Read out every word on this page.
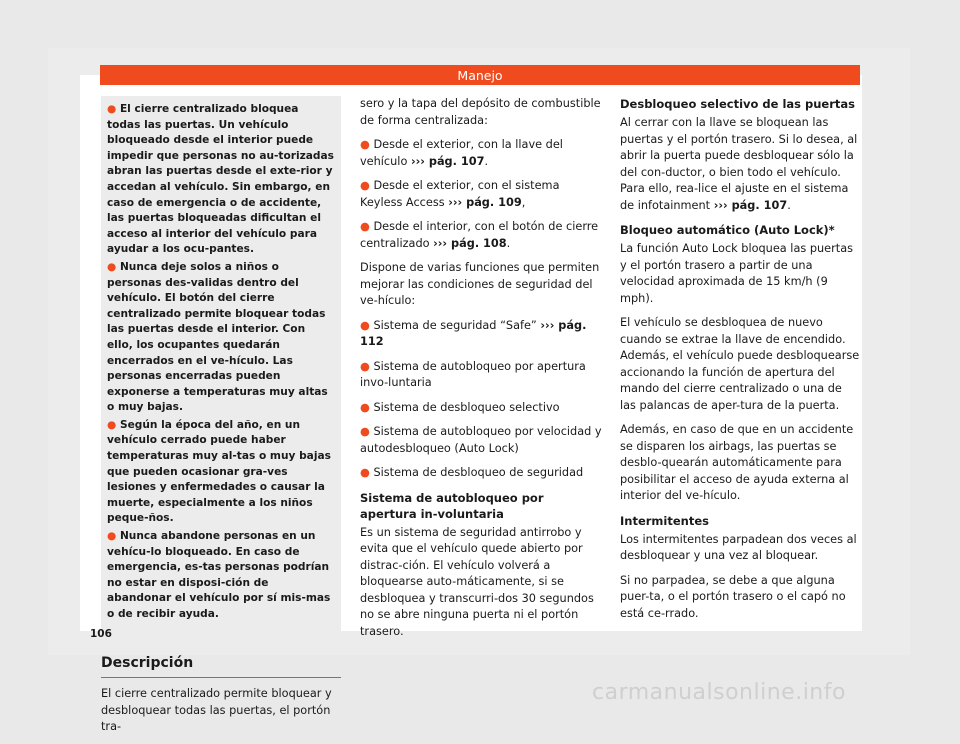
Manejo

● El cierre centralizado bloquea todas las puertas. Un vehículo bloqueado desde el interior puede impedir que personas no au-torizadas abran las puertas desde el exte-rior y accedan al vehículo. Sin embargo, en caso de emergencia o de accidente, las puertas bloqueadas dificultan el acceso al interior del vehículo para ayudar a los ocu-pantes.

● Nunca deje solos a niños o personas des-validas dentro del vehículo. El botón del cierre centralizado permite bloquear todas las puertas desde el interior. Con ello, los ocupantes quedarán encerrados en el ve-hículo. Las personas encerradas pueden exponerse a temperaturas muy altas o muy bajas.

● Según la época del año, en un vehículo cerrado puede haber temperaturas muy al-tas o muy bajas que pueden ocasionar gra-ves lesiones y enfermedades o causar la muerte, especialmente a los niños peque-ños.

● Nunca abandone personas en un vehícu-lo bloqueado. En caso de emergencia, es-tas personas podrían no estar en disposi-ción de abandonar el vehículo por sí mis-mas o de recibir ayuda.

Descripción

El cierre centralizado permite bloquear y desbloquear todas las puertas, el portón tra-

sero y la tapa del depósito de combustible de forma centralizada:

● Desde el exterior, con la llave del vehículo ››› pág. 107.

● Desde el exterior, con el sistema Keyless Access ››› pág. 109,

● Desde el interior, con el botón de cierre centralizado ››› pág. 108.

Dispone de varias funciones que permiten mejorar las condiciones de seguridad del ve-hículo:

● Sistema de seguridad “Safe” ››› pág. 112

● Sistema de autobloqueo por apertura invo-luntaria

● Sistema de desbloqueo selectivo

● Sistema de autobloqueo por velocidad y autodesbloqueo (Auto Lock)

● Sistema de desbloqueo de seguridad

Sistema de autobloqueo por apertura in-voluntaria

Es un sistema de seguridad antirrobo y evita que el vehículo quede abierto por distrac-ción. El vehículo volverá a bloquearse auto-máticamente, si se desbloquea y transcurri-dos 30 segundos no se abre ninguna puerta ni el portón trasero.

Desbloqueo selectivo de las puertas

Al cerrar con la llave se bloquean las puertas y el portón trasero. Si lo desea, al abrir la puerta puede desbloquear sólo la del con-ductor, o bien todo el vehículo. Para ello, rea-lice el ajuste en el sistema de infotainment ››› pág. 107.

Bloqueo automático (Auto Lock)*

La función Auto Lock bloquea las puertas y el portón trasero a partir de una velocidad aproximada de 15 km/h (9 mph).

El vehículo se desbloquea de nuevo cuando se extrae la llave de encendido. Además, el vehículo puede desbloquearse accionando la función de apertura del mando del cierre centralizado o una de las palancas de aper-tura de la puerta.

Además, en caso de que en un accidente se disparen los airbags, las puertas se desblo-quearán automáticamente para posibilitar el acceso de ayuda externa al interior del ve-hículo.

Intermitentes

Los intermitentes parpadean dos veces al desbloquear y una vez al bloquear.

Si no parpadea, se debe a que alguna puer-ta, o el portón trasero o el capó no está ce-rrado.

106
carmanualsonline.info
